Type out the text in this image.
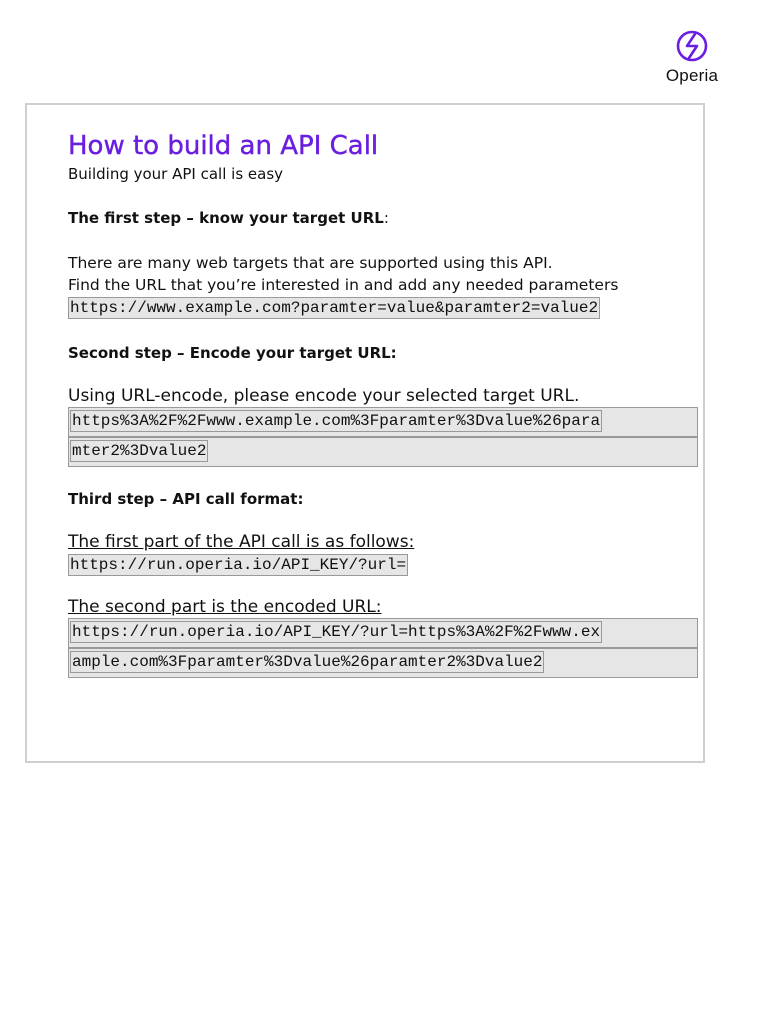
Operia
How to build an API Call

Building your API call is easy

The first step – know your target URL:

There are many web targets that are supported using this API.

Find the URL that you’re interested in and add any needed parameters

https://www.example.com?paramter=value&paramter2=value2

Second step – Encode your target URL:

Using URL-encode, please encode your selected target URL.

https%3A%2F%2Fwww.example.com%3Fparamter%3Dvalue%26para
mter2%3Dvalue2

Third step – API call format:

The first part of the API call is as follows:

https://run.operia.io/API_KEY/?url=

The second part is the encoded URL:

https://run.operia.io/API_KEY/?url=https%3A%2F%2Fwww.ex
ample.com%3Fparamter%3Dvalue%26paramter2%3Dvalue2
